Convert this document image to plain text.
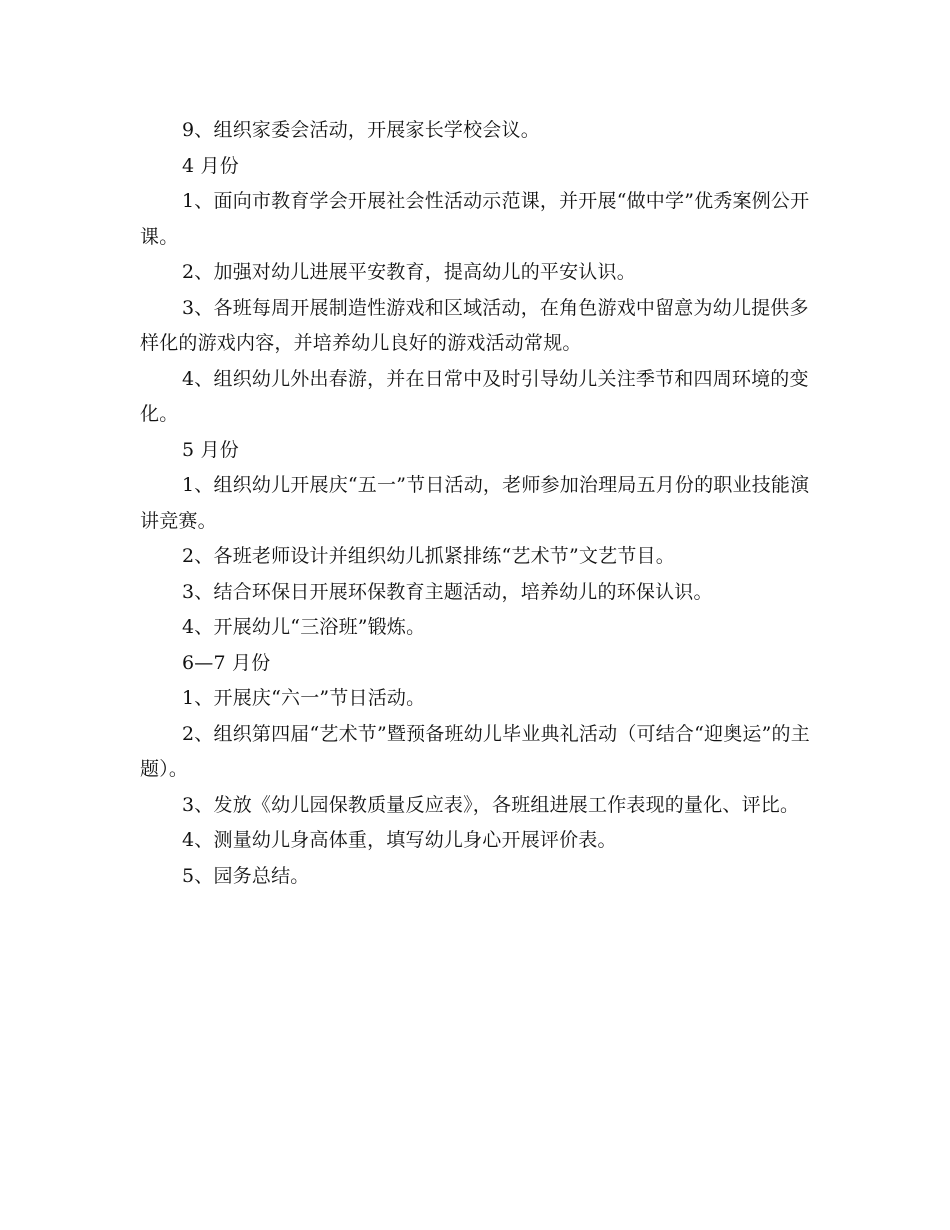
9、组织家委会活动，开展家长学校会议。

4 月份

1、面向市教育学会开展社会性活动示范课，并开展“做中学”优秀案例公开课。

2、加强对幼儿进展平安教育，提高幼儿的平安认识。

3、各班每周开展制造性游戏和区域活动，在角色游戏中留意为幼儿提供多样化的游戏内容，并培养幼儿良好的游戏活动常规。

4、组织幼儿外出春游，并在日常中及时引导幼儿关注季节和四周环境的变化。

5 月份

1、组织幼儿开展庆“五一”节日活动，老师参加治理局五月份的职业技能演讲竞赛。

2、各班老师设计并组织幼儿抓紧排练“艺术节”文艺节目。

3、结合环保日开展环保教育主题活动，培养幼儿的环保认识。

4、开展幼儿“三浴班”锻炼。

6—7 月份

1、开展庆“六一”节日活动。

2、组织第四届“艺术节”暨预备班幼儿毕业典礼活动（可结合“迎奥运”的主题）。

3、发放《幼儿园保教质量反应表》，各班组进展工作表现的量化、评比。

4、测量幼儿身高体重，填写幼儿身心开展评价表。

5、园务总结。
